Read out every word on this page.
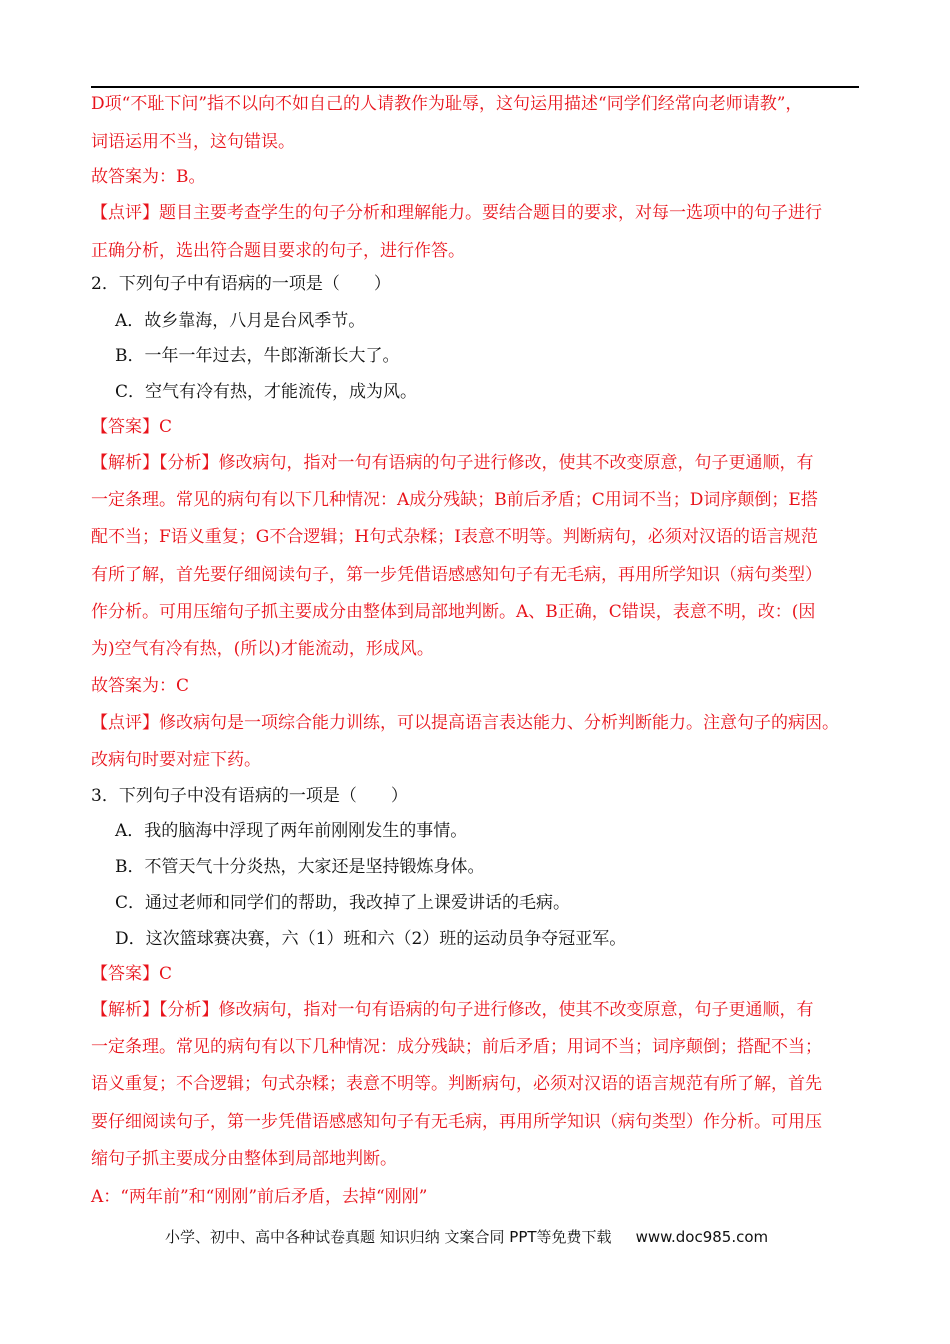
D项“不耻下问”指不以向不如自己的人请教作为耻辱，这句运用描述“同学们经常向老师请教”，
词语运用不当，这句错误。
故答案为：B。
【点评】题目主要考查学生的句子分析和理解能力。要结合题目的要求，对每一选项中的句子进行
正确分析，选出符合题目要求的句子，进行作答。
2．下列句子中有语病的一项是（　　）
A．故乡靠海，八月是台风季节。
B．一年一年过去，牛郎渐渐长大了。
C．空气有冷有热，才能流传，成为风。
【答案】C
【解析】【分析】修改病句，指对一句有语病的句子进行修改，使其不改变原意，句子更通顺，有
一定条理。常见的病句有以下几种情况：A成分残缺；B前后矛盾；C用词不当；D词序颠倒；E搭
配不当；F语义重复；G不合逻辑；H句式杂糅；I表意不明等。判断病句，必须对汉语的语言规范
有所了解，首先要仔细阅读句子，第一步凭借语感感知句子有无毛病，再用所学知识（病句类型）
作分析。可用压缩句子抓主要成分由整体到局部地判断。A、B正确，C错误，表意不明，改：(因
为)空气有冷有热，(所以)才能流动，形成风。
故答案为：C
【点评】修改病句是一项综合能力训练，可以提高语言表达能力、分析判断能力。注意句子的病因。
改病句时要对症下药。
3．下列句子中没有语病的一项是（　　）
A．我的脑海中浮现了两年前刚刚发生的事情。
B．不管天气十分炎热，大家还是坚持锻炼身体。
C．通过老师和同学们的帮助，我改掉了上课爱讲话的毛病。
D．这次篮球赛决赛，六（1）班和六（2）班的运动员争夺冠亚军。
【答案】C
【解析】【分析】修改病句，指对一句有语病的句子进行修改，使其不改变原意，句子更通顺，有
一定条理。常见的病句有以下几种情况：成分残缺；前后矛盾；用词不当；词序颠倒；搭配不当；
语义重复；不合逻辑；句式杂糅；表意不明等。判断病句，必须对汉语的语言规范有所了解，首先
要仔细阅读句子，第一步凭借语感感知句子有无毛病，再用所学知识（病句类型）作分析。可用压
缩句子抓主要成分由整体到局部地判断。
A：“两年前”和“刚刚”前后矛盾，去掉“刚刚”
小学、初中、高中各种试卷真题 知识归纳 文案合同 PPT等免费下载 www.doc985.com
